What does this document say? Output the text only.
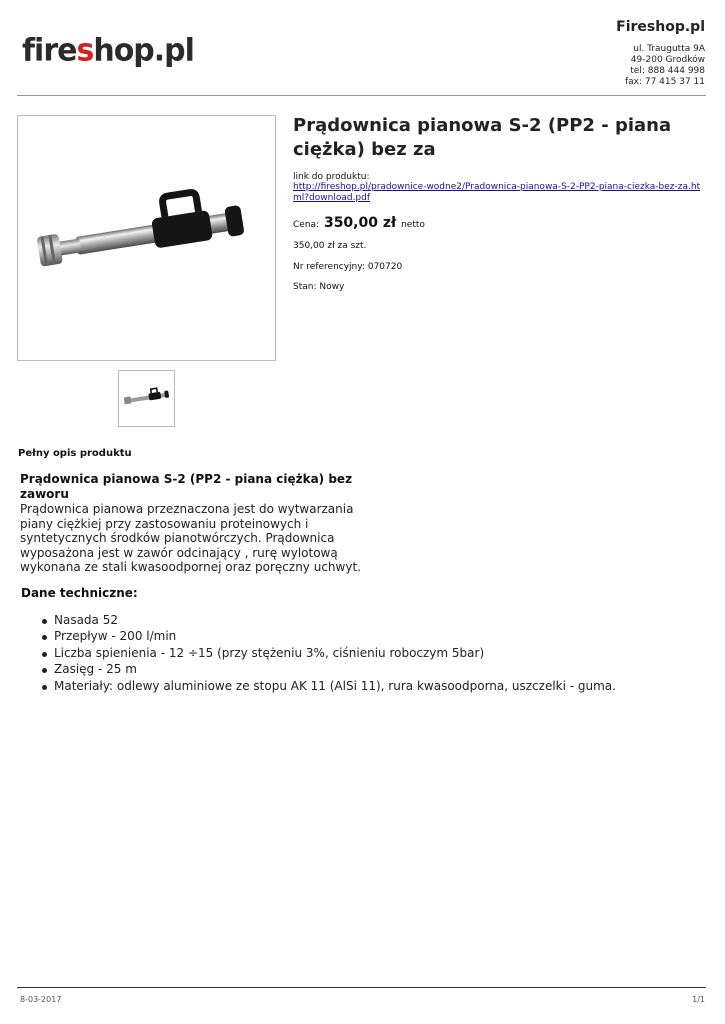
fireshop.pl
Fireshop.pl
ul. Traugutta 9A
49-200 Grodków
tel: 888 444 998
fax: 77 415 37 11
Prądownica pianowa S-2 (PP2 - piana ciężka) bez za
link do produktu:
http://fireshop.pl/pradownice-wodne2/Pradownica-pianowa-S-2-PP2-piana-ciezka-bez-za.html?download.pdf
Cena: 350,00 zł netto
350,00 zł za szt.
Nr referencyjny: 070720
Stan: Nowy
Pełny opis produktu
Prądownica pianowa S-2 (PP2 - piana ciężka) bez zaworu
Prądownica pianowa przeznaczona jest do wytwarzania piany ciężkiej przy zastosowaniu proteinowych i syntetycznych środków pianotwórczych. Prądownica wyposażona jest w zawór odcinający , rurę wylotową wykonana ze stali kwasoodpornej oraz poręczny uchwyt.
Dane techniczne:
Nasada 52
Przepływ - 200 l/min
Liczba spienienia - 12 ÷15 (przy stężeniu 3%, ciśnieniu roboczym 5bar)
Zasięg - 25 m
Materiały: odlewy aluminiowe ze stopu AK 11 (AlSi 11), rura kwasoodporna, uszczelki - guma.
8-03-2017	1/1
